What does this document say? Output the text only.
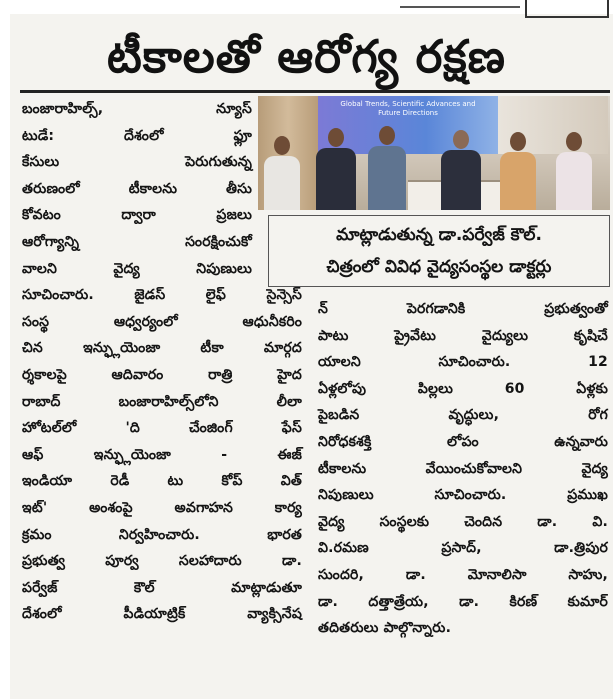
టీకాలతో ఆరోగ్య రక్షణ
బంజారాహిల్స్, న్యూస్
టుడే: దేశంలో ఫ్లూ
కేసులు పెరుగుతున్న
తరుణంలో టీకాలను తీసు
కోవటం ద్వారా ప్రజలు
ఆరోగ్యాన్ని సంరక్షించుకో
వాలని వైద్య నిపుణులు
సూచించారు. జైడస్ లైఫ్ సైన్సెస్
సంస్థ ఆధ్వర్యంలో ఆధునీకరిం
చిన ఇన్ఫ్లుయెంజా టీకా మార్గద
ర్శకాలపై ఆదివారం రాత్రి హైద
రాబాద్ బంజారాహిల్స్‌లోని లీలా
హోటల్‌లో 'ది చేంజింగ్ ఫేస్
ఆఫ్ ఇన్ఫ్లుయెంజా - ఈజ్
ఇండియా రెడీ టు కోప్ విత్
ఇట్' అంశంపై అవగాహన కార్య
క్రమం నిర్వహించారు. భారత
ప్రభుత్వ పూర్వ సలహాదారు డా.
పర్వేజ్ కౌల్ మాట్లాడుతూ
దేశంలో పీడియాట్రిక్ వ్యాక్సినేష
Global Trends, Scientific Advances and
Future Directions
మాట్లాడుతున్న డా.పర్వేజ్ కౌల్.
చిత్రంలో వివిధ వైద్యసంస్థల డాక్టర్లు
న్ పెరగడానికి ప్రభుత్వంతో
పాటు ప్రైవేటు వైద్యులు కృషిచే
యాలని సూచించారు. 12
ఏళ్లలోపు పిల్లలు 60 ఏళ్లకు
పైబడిన వృద్ధులు, రోగ
నిరోధకశక్తి లోపం ఉన్నవారు
టీకాలను వేయించుకోవాలని వైద్య
నిపుణులు సూచించారు. ప్రముఖ
వైద్య సంస్థలకు చెందిన డా. వి.
వి.రమణ ప్రసాద్, డా.త్రిపుర
సుందరి, డా. మోనాలిసా సాహు,
డా. దత్తాత్రేయ, డా. కిరణ్ కుమార్
తదితరులు పాల్గొన్నారు.
